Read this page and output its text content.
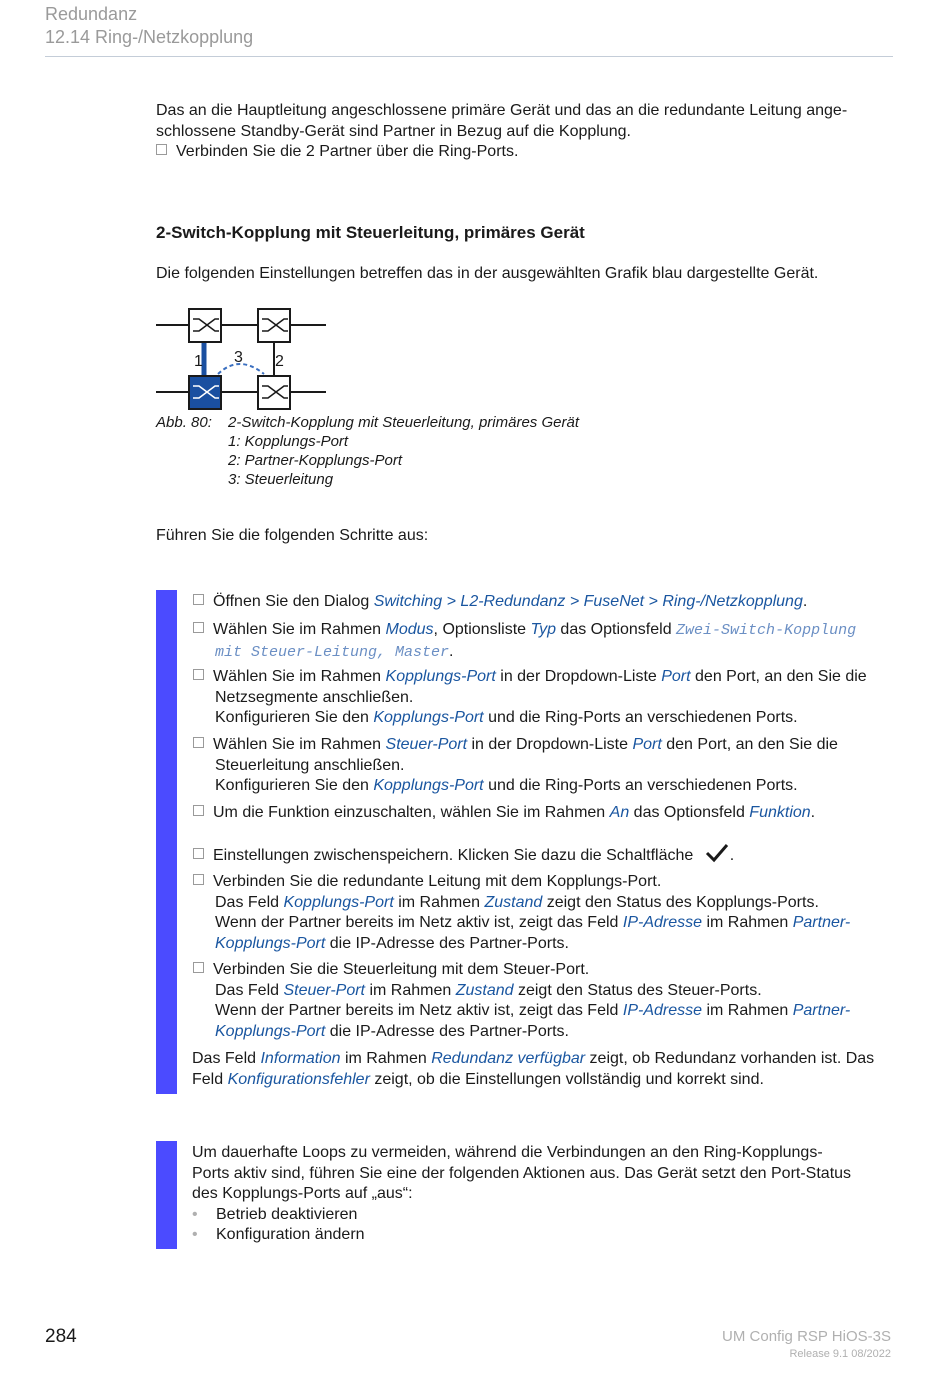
Redundanz
12.14 Ring-/Netzkopplung

Das an die Hauptleitung angeschlossene primäre Gerät und das an die redundante Leitung ange-
schlossene Standby-Gerät sind Partner in Bezug auf die Kopplung.
Verbinden Sie die 2 Partner über die Ring-Ports.

2-Switch-Kopplung mit Steuerleitung, primäres Gerät

Die folgenden Einstellungen betreffen das in der ausgewählten Grafik blau dargestellte Gerät.

1 3 2
Abb. 80: 2-Switch-Kopplung mit Steuerleitung, primäres Gerät
1: Kopplungs-Port
2: Partner-Kopplungs-Port
3: Steuerleitung

Führen Sie die folgenden Schritte aus:

Öffnen Sie den Dialog Switching > L2-Redundanz > FuseNet > Ring-/Netzkopplung.
Wählen Sie im Rahmen Modus, Optionsliste Typ das Optionsfeld Zwei-Switch-Kopplung
mit Steuer-Leitung, Master.
Wählen Sie im Rahmen Kopplungs-Port in der Dropdown-Liste Port den Port, an den Sie die
Netzsegmente anschließen.
Konfigurieren Sie den Kopplungs-Port und die Ring-Ports an verschiedenen Ports.
Wählen Sie im Rahmen Steuer-Port in der Dropdown-Liste Port den Port, an den Sie die
Steuerleitung anschließen.
Konfigurieren Sie den Kopplungs-Port und die Ring-Ports an verschiedenen Ports.
Um die Funktion einzuschalten, wählen Sie im Rahmen An das Optionsfeld Funktion.
Einstellungen zwischenspeichern. Klicken Sie dazu die Schaltfläche .
Verbinden Sie die redundante Leitung mit dem Kopplungs-Port.
Das Feld Kopplungs-Port im Rahmen Zustand zeigt den Status des Kopplungs-Ports.
Wenn der Partner bereits im Netz aktiv ist, zeigt das Feld IP-Adresse im Rahmen Partner-
Kopplungs-Port die IP-Adresse des Partner-Ports.
Verbinden Sie die Steuerleitung mit dem Steuer-Port.
Das Feld Steuer-Port im Rahmen Zustand zeigt den Status des Steuer-Ports.
Wenn der Partner bereits im Netz aktiv ist, zeigt das Feld IP-Adresse im Rahmen Partner-
Kopplungs-Port die IP-Adresse des Partner-Ports.
Das Feld Information im Rahmen Redundanz verfügbar zeigt, ob Redundanz vorhanden ist. Das
Feld Konfigurationsfehler zeigt, ob die Einstellungen vollständig und korrekt sind.
Um dauerhafte Loops zu vermeiden, während die Verbindungen an den Ring-Kopplungs-
Ports aktiv sind, führen Sie eine der folgenden Aktionen aus. Das Gerät setzt den Port-Status
des Kopplungs-Ports auf „aus“:
• Betrieb deaktivieren
• Konfiguration ändern
284	UM Config RSP HiOS-3S
Release 9.1 08/2022
